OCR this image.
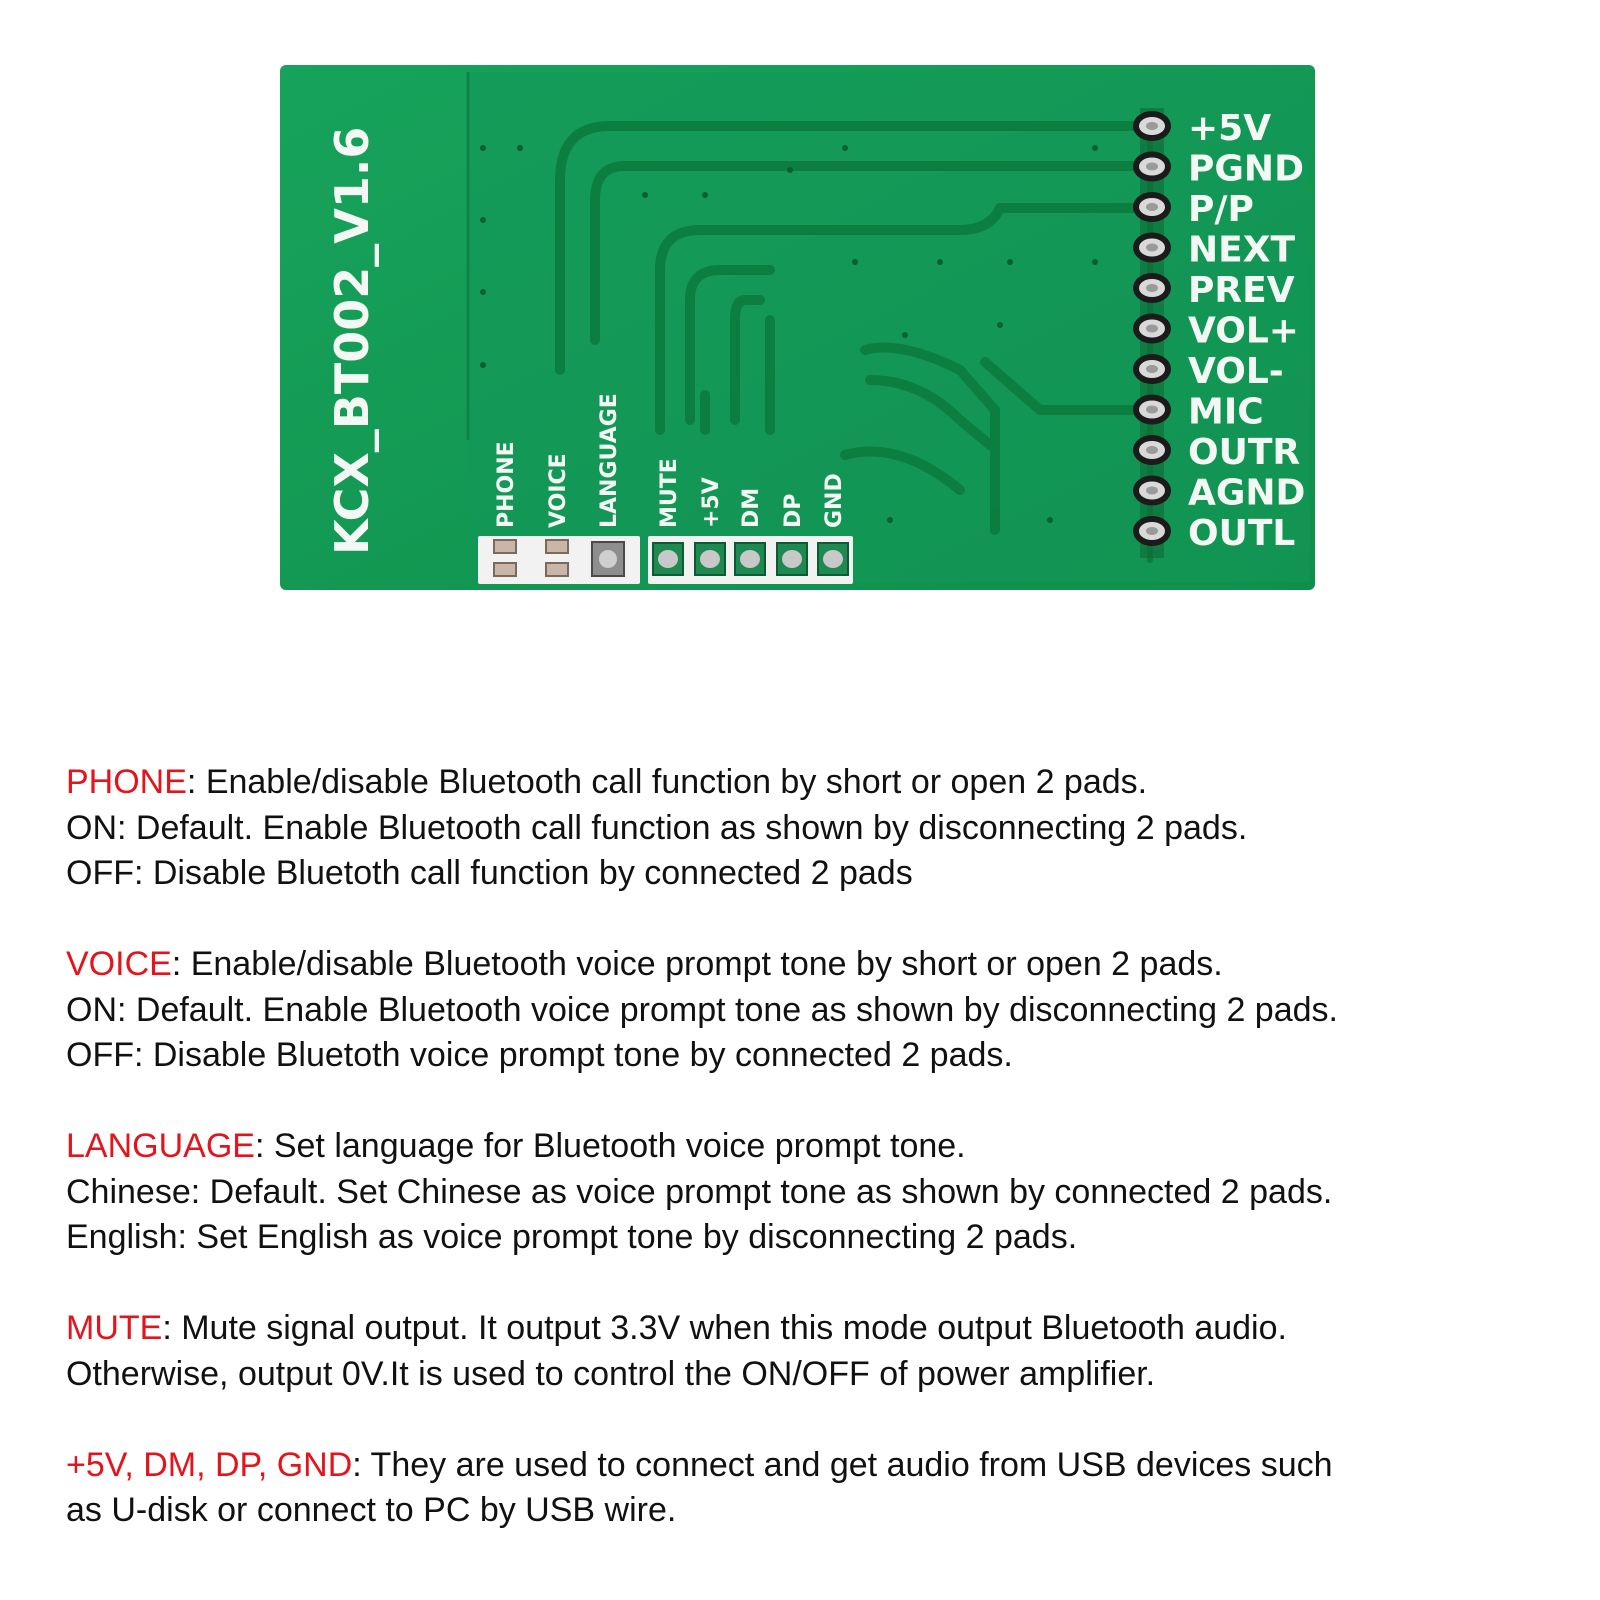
+5V
PGND
P/P
NEXT
PREV
VOL+
VOL-
MIC
OUTR
AGND
OUTL
KCX_BT002_V1.6	PHONE VOICE LANGUAGE MUTE +5V DM DP GND
PHONE: Enable/disable Bluetooth call function by short or open 2 pads.
ON: Default. Enable Bluetooth call function as shown by disconnecting 2 pads.
OFF: Disable Bluetoth call function by connected 2 pads
VOICE: Enable/disable Bluetooth voice prompt tone by short or open 2 pads.
ON: Default. Enable Bluetooth voice prompt tone as shown by disconnecting 2 pads.
OFF: Disable Bluetoth voice prompt tone by connected 2 pads.
LANGUAGE: Set language for Bluetooth voice prompt tone.
Chinese: Default. Set Chinese as voice prompt tone as shown by connected 2 pads.
English: Set English as voice prompt tone by disconnecting 2 pads.
MUTE: Mute signal output. It output 3.3V when this mode output Bluetooth audio.
Otherwise, output 0V.It is used to control the ON/OFF of power amplifier.
+5V, DM, DP, GND: They are used to connect and get audio from USB devices such
as U-disk or connect to PC by USB wire.
